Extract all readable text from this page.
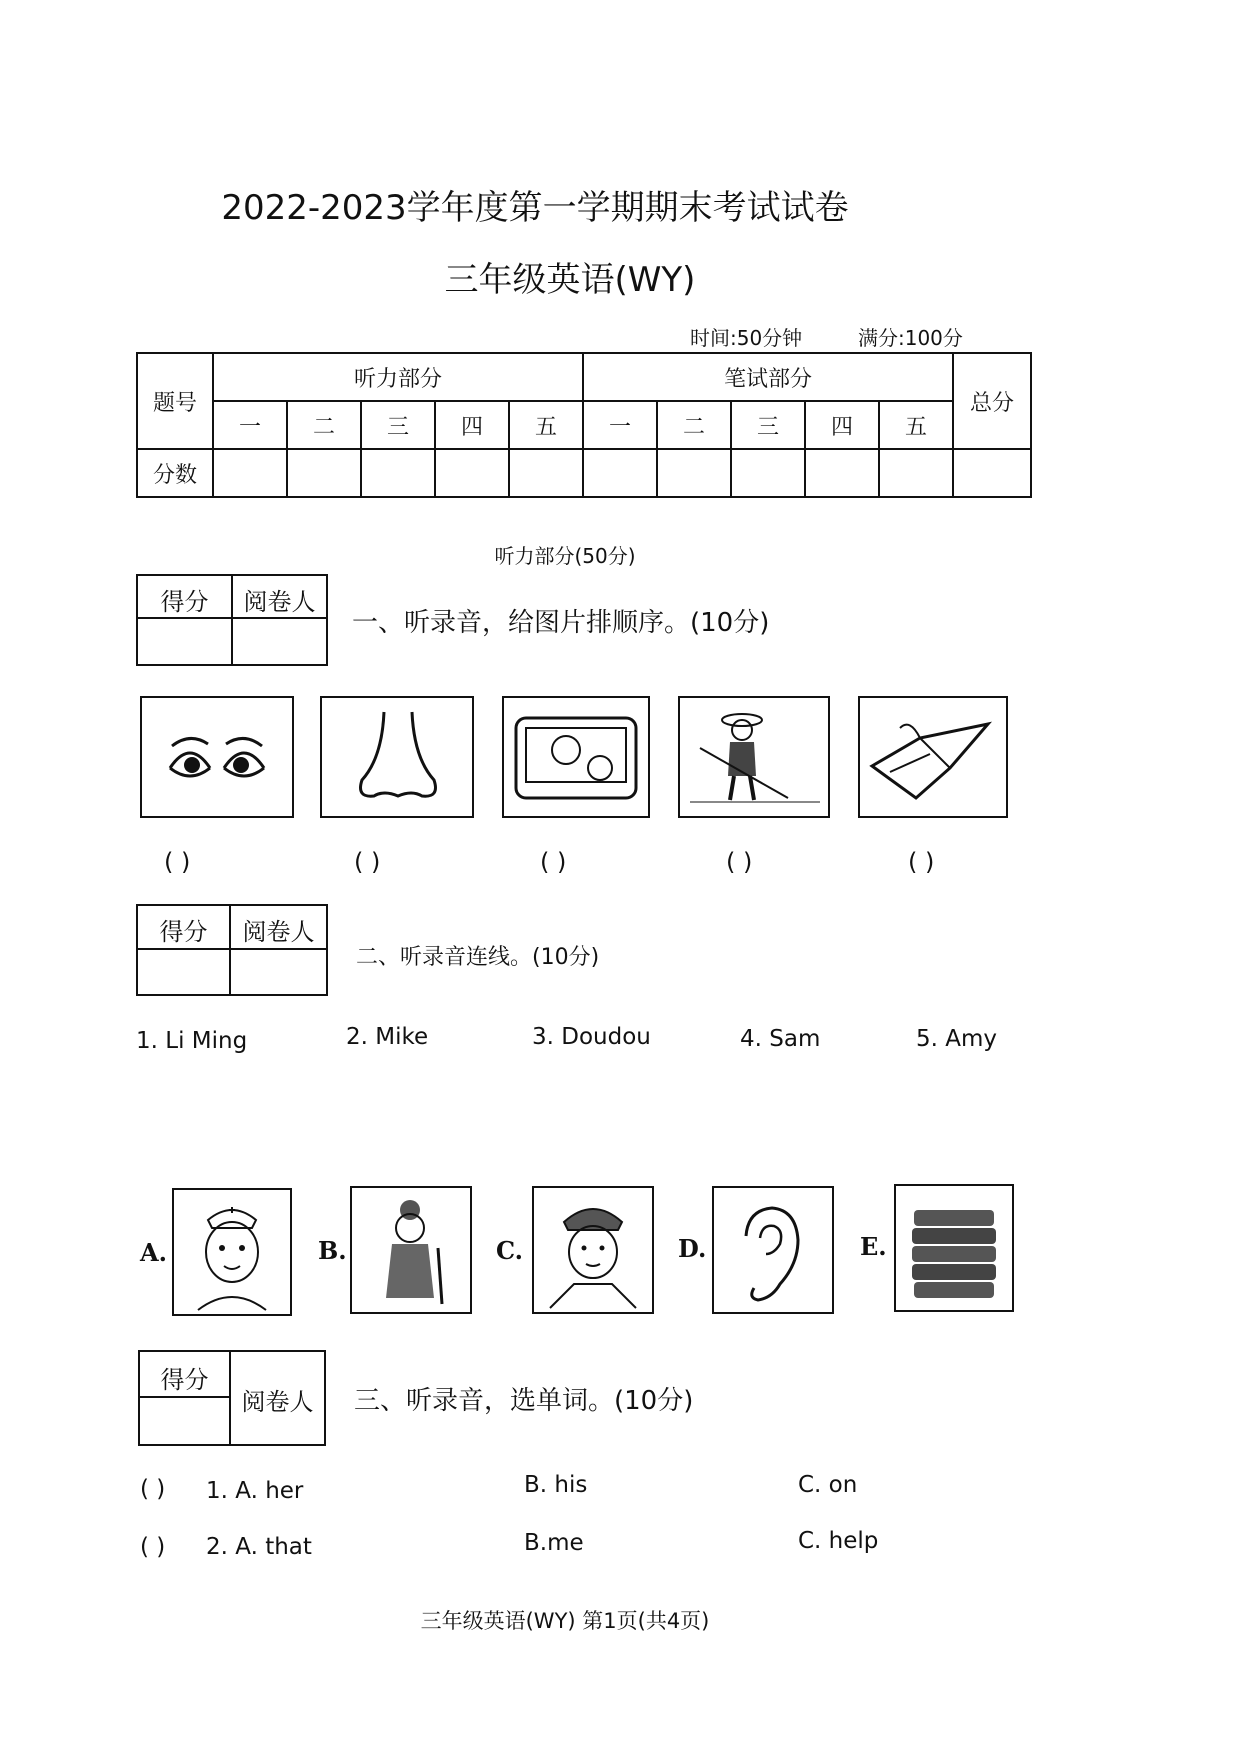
2022-2023学年度第一学期期末考试试卷
三年级英语(WY)
时间:50分钟	满分:100分
题号	听力部分					笔试部分					总分
	一	二	三	四	五	一	二	三	四	五	
分数											
听力部分(50分)
得分	阅卷人
一、听录音，给图片排顺序。(10分)
( )	( )	( )	( )	( )
得分	阅卷人
二、听录音连线。(10分)
1. Li Ming	2. Mike	3. Doudou	4. Sam	5. Amy
A.	B.	C.	D.	E.
得分
阅卷人	三、听录音，选单词。(10分)
( ) 1. A. her	B. his	C. on
( ) 2. A. that	B.me	C. help
三年级英语(WY) 第1页(共4页)
